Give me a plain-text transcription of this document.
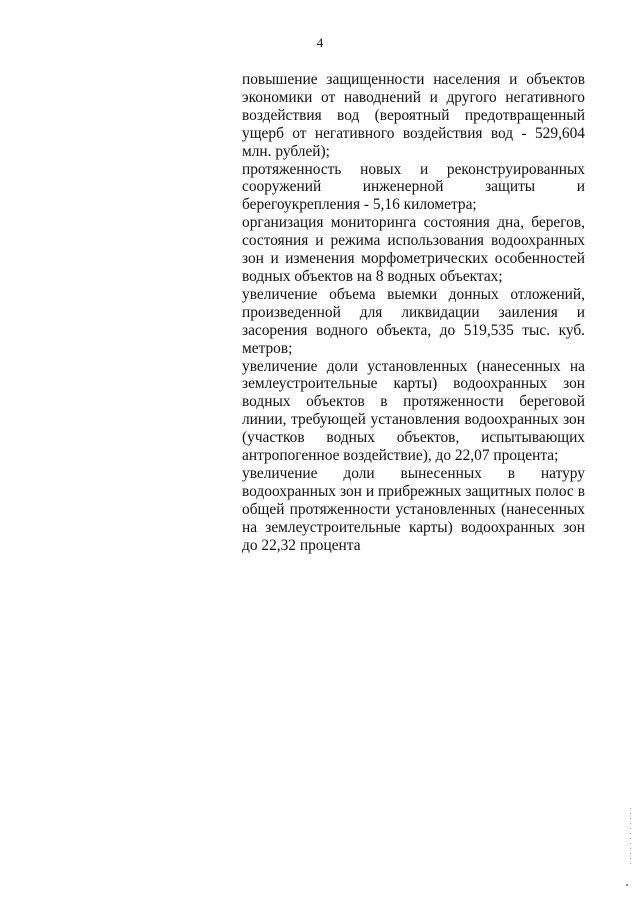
4

повышение защищенности населения и объектов экономики от наводнений и другого негативного воздействия вод (вероятный предотвращенный ущерб от негативного воздействия вод - 529,604 млн. рублей);

протяженность новых и реконструированных сооружений инженерной защиты и берегоукрепления - 5,16 километра;

организация мониторинга состояния дна, берегов, состояния и режима использования водоохранных зон и изменения морфометрических особенностей водных объектов на 8 водных объектах;

увеличение объема выемки донных отложений, произведенной для ликвидации заиления и засорения водного объекта, до 519,535 тыс. куб. метров;

увеличение доли установленных (нанесенных на землеустроительные карты) водоохранных зон водных объектов в протяженности береговой линии, требующей установления водоохранных зон (участков водных объектов, испытывающих антропогенное воздействие), до 22,07 процента;

увеличение доли вынесенных в натуру водоохранных зон и прибрежных защитных полос в общей протяженности установленных (нанесенных на землеустроительные карты) водоохранных зон до 22,32 процента
